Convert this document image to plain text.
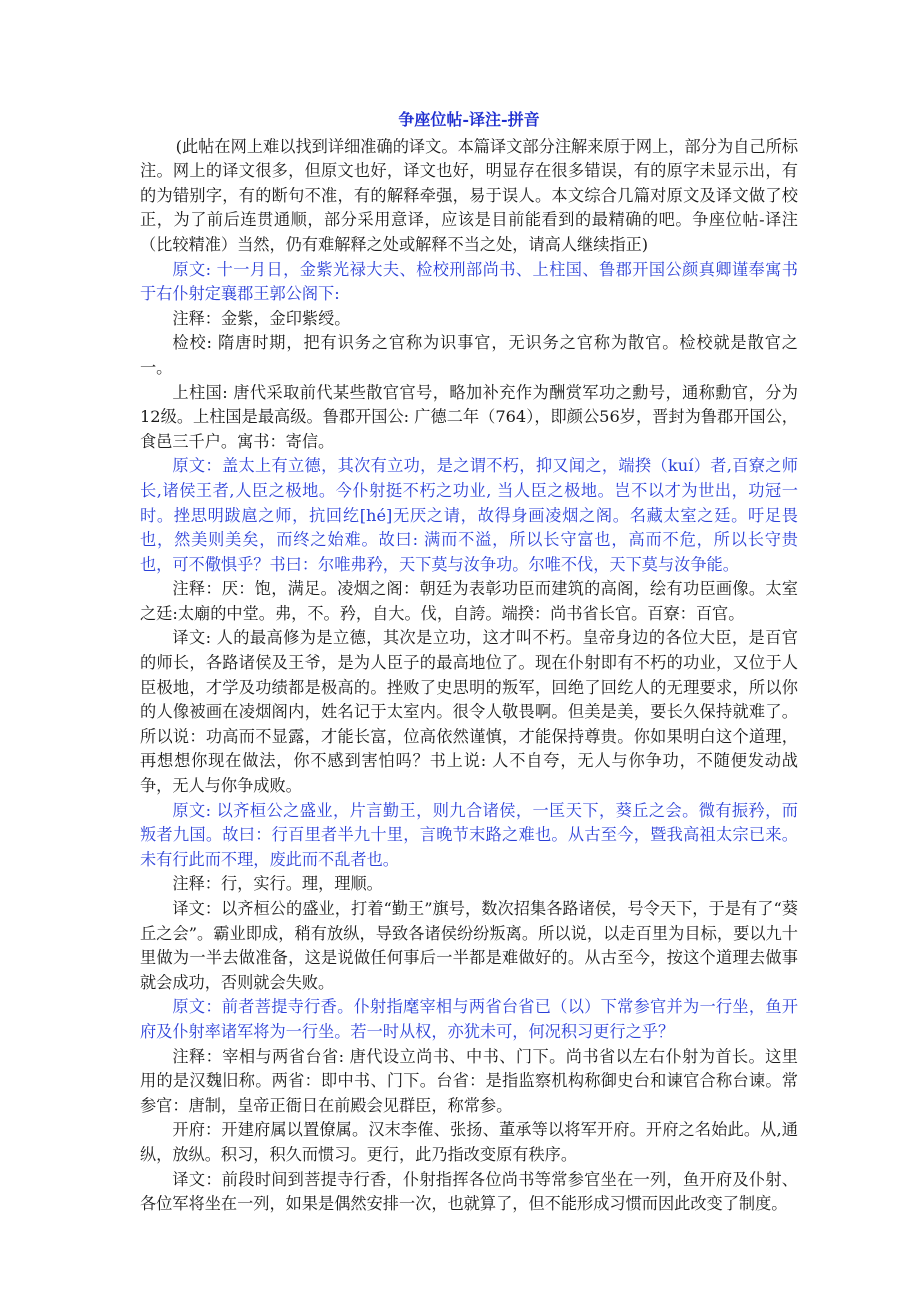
争座位帖-译注-拼音

(此帖在网上难以找到详细准确的译文。本篇译文部分注解来原于网上，部分为自己所标注。网上的译文很多，但原文也好，译文也好，明显存在很多错误，有的原字未显示出，有的为错别字，有的断句不准，有的解释牵强，易于误人。本文综合几篇对原文及译文做了校正，为了前后连贯通顺，部分采用意译，应该是目前能看到的最精确的吧。争座位帖-译注（比较精准）当然，仍有难解释之处或解释不当之处，请高人继续指正)

原文: 十一月日，金紫光禄大夫、检校刑部尚书、上柱国、鲁郡开国公颜真卿谨奉寓书于右仆射定襄郡王郭公阁下:

注释：金紫，金印紫绶。

检校: 隋唐时期，把有识务之官称为识事官，无识务之官称为散官。检校就是散官之一。

上柱国: 唐代采取前代某些散官官号，略加补充作为酬赏军功之勳号，通称勳官，分为12级。上柱国是最高级。鲁郡开国公: 广德二年（764），即颜公56岁，晋封为鲁郡开国公，食邑三千户。寓书：寄信。

原文：盖太上有立德，其次有立功，是之谓不朽，抑又闻之，端揆（kuí）者,百寮之师长,诸侯王者,人臣之极地。今仆射挺不朽之功业, 当人臣之极地。岂不以才为世出，功冠一时。挫思明跋扈之师，抗回纥[hé]无厌之请，故得身画凌烟之阁。名藏太室之廷。吁足畏也，然美则美矣，而终之始难。故曰: 满而不溢，所以长守富也，高而不危，所以长守贵也，可不儆惧乎？书曰：尔唯弗矜，天下莫与汝争功。尔唯不伐，天下莫与汝争能。

注释：厌：饱，满足。凌烟之阁：朝廷为表彰功臣而建筑的高阁，绘有功臣画像。太室之廷:太廟的中堂。弗，不。矜，自大。伐，自誇。端揆：尚书省长官。百寮：百官。

译文: 人的最高修为是立德，其次是立功，这才叫不朽。皇帝身边的各位大臣，是百官的师长，各路诸侯及王爷，是为人臣子的最高地位了。现在仆射即有不朽的功业，又位于人臣极地，才学及功绩都是极高的。挫败了史思明的叛军，回绝了回纥人的无理要求，所以你的人像被画在凌烟阁内，姓名记于太室内。很令人敬畏啊。但美是美，要长久保持就难了。所以说：功高而不显露，才能长富，位高依然谨慎，才能保持尊贵。你如果明白这个道理，再想想你现在做法，你不感到害怕吗？书上说: 人不自夸，无人与你争功，不随便发动战争，无人与你争成败。

原文: 以齐桓公之盛业，片言勤王，则九合诸侯，一匡天下，葵丘之会。微有振矜，而叛者九国。故曰：行百里者半九十里，言晚节末路之难也。从古至今，暨我高祖太宗已来。未有行此而不理，废此而不乱者也。

注释：行，实行。理，理顺。

译文：以齐桓公的盛业，打着“勤王”旗号，数次招集各路诸侯，号令天下，于是有了“葵丘之会”。霸业即成，稍有放纵，导致各诸侯纷纷叛离。所以说，以走百里为目标，要以九十里做为一半去做准备，这是说做任何事后一半都是难做好的。从古至今，按这个道理去做事就会成功，否则就会失败。

原文：前者菩提寺行香。仆射指麾宰相与两省台省已（以）下常参官并为一行坐，鱼开府及仆射率诸军将为一行坐。若一时从权，亦犹未可，何况积习更行之乎？

注释：宰相与两省台省: 唐代设立尚书、中书、门下。尚书省以左右仆射为首长。这里用的是汉魏旧称。两省：即中书、门下。台省：是指监察机构称御史台和谏官合称台谏。常参官：唐制，皇帝正衙日在前殿会见群臣，称常参。

开府：开建府属以置僚属。汉末李傕、张扬、董承等以将军开府。开府之名始此。从,通纵，放纵。积习，积久而惯习。更行，此乃指改变原有秩序。

译文：前段时间到菩提寺行香，仆射指挥各位尚书等常参官坐在一列，鱼开府及仆射、各位军将坐在一列，如果是偶然安排一次，也就算了，但不能形成习惯而因此改变了制度。
